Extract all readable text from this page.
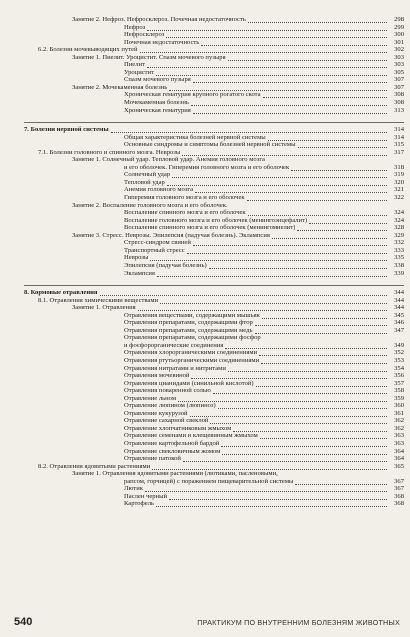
Занятие 2. Нефроз. Нефросклероз. Почечная недостаточность	298
Нефроз	299
Нефросклероз	300
Почечная недостаточность	301
6.2. Болезни мочевыводящих путей	302
Занятие 1. Пиелит. Уроцистит. Спазм мочевого пузыря	303
Пиелит	303
Уроцистит	305
Спазм мочевого пузыря	307
Занятие 2. Мочекаменная болезнь	307
Хроническая гематурия крупного рогатого скота	308
Мочекаменная болезнь	308
Хроническая гематурия	313
7. Болезни нервной системы	314
Общая характеристика болезней нервной системы	314
Основные синдромы и симптомы болезней нервной системы	315
7.1. Болезни головного и спинного мозга. Неврозы	317
Занятие 1. Солнечный удар. Тепловой удар. Анемия головного мозга
и его оболочек. Гиперемия головного мозга и его оболочек	318
Солнечный удар	319
Тепловой удар	320
Анемия головного мозга	321
Гиперемия головного мозга и его оболочек	322
Занятие 2. Воспаление головного мозга и его оболочек.
Воспаление спинного мозга и его оболочек	324
Воспаление головного мозга и его оболочек (менингоэнцефалит)	324
Воспаление спинного мозга и его оболочек (менингомиелит)	328
Занятие 3. Стресс. Неврозы. Эпилепсия (падучая болезнь). Эклампсия	329
Стресс-синдром свиней	332
Транспортный стресс	333
Неврозы	335
Эпилепсия (падучая болезнь)	338
Эклампсия	339
8. Кормовые отравления	344
8.1. Отравления химическими веществами	344
Занятие 1. Отравления	344
Отравления веществами, содержащими мышьяк	345
Отравления препаратами, содержащими фтор	346
Отравления препаратами, содержащими медь	347
Отравления препаратами, содержащими фосфор
и фосфорорганические соединения	349
Отравления хлорорганическими соединениями	352
Отравления ртутьорганическими соединениями	353
Отравления нитратами и нитритами	354
Отравления мочевиной	356
Отравления цианидами (синильной кислотой)	357
Отравления поваренной солью	358
Отравление льном	359
Отравление люпином (люпиноз)	360
Отравление кукурузой	361
Отравление сахарной свеклой	362
Отравление хлопчатниковым жмыхом	362
Отравление семенами и клещевинным жмыхом	363
Отравление картофельной бардой	363
Отравление свекловичным жомом	364
Отравление патокой	364
8.2. Отравления ядовитыми растениями	365
Занятие 1. Отравления ядовитыми растениями (лютиками, пасленовыми,
рапсом, горчицей) с поражением пищеварительной системы	367
Лютик	367
Паслен черный	368
Картофель	368
540	ПРАКТИКУМ ПО ВНУТРЕННИМ БОЛЕЗНЯМ ЖИВОТНЫХ
